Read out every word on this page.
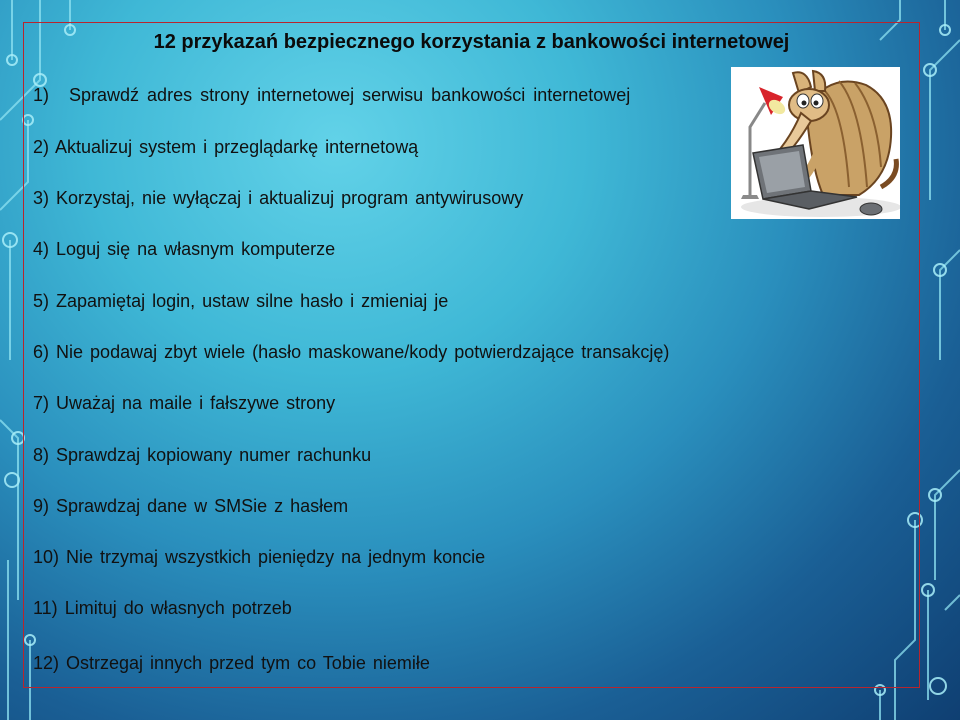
12 przykazań bezpiecznego korzystania z bankowości internetowej
1) Sprawdź adres strony internetowej serwisu bankowości internetowej
2) Aktualizuj system i przeglądarkę internetową
3) Korzystaj, nie wyłączaj i aktualizuj program antywirusowy
4) Loguj się na własnym komputerze
5) Zapamiętaj login, ustaw silne hasło i zmieniaj je
6) Nie podawaj zbyt wiele (hasło maskowane/kody potwierdzające transakcję)
7) Uważaj na maile i fałszywe strony
8) Sprawdzaj kopiowany numer rachunku
9) Sprawdzaj dane w SMSie z hasłem
10) Nie trzymaj wszystkich pieniędzy na jednym koncie
11) Limituj do własnych potrzeb
12) Ostrzegaj innych przed tym co Tobie niemiłe
